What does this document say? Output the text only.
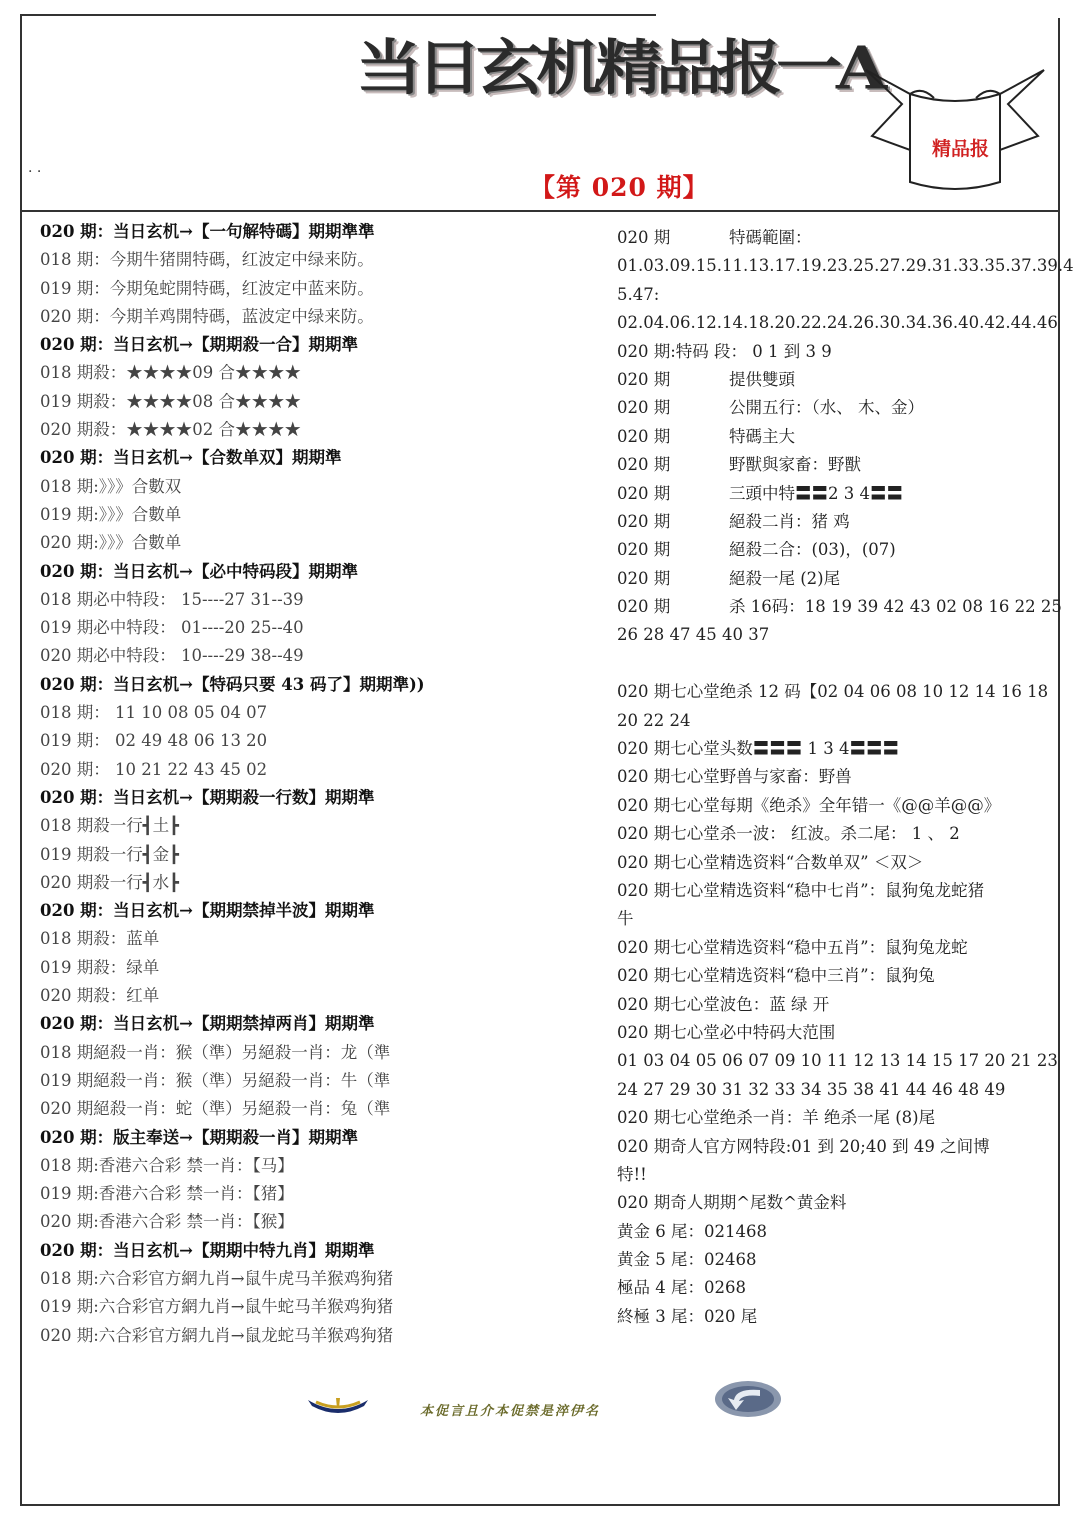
当日玄机精品报一A
. .
精品报
【第 020 期】
020 期：当日玄机→【一句解特碼】期期準準
018 期：今期牛猪開特碼，红波定中绿来防。
019 期：今期兔蛇開特碼，红波定中蓝来防。
020 期：今期羊鸡開特碼，蓝波定中绿来防。
020 期：当日玄机→【期期殺一合】期期準
018 期殺：★★★★09 合★★★★
019 期殺：★★★★08 合★★★★
020 期殺：★★★★02 合★★★★
020 期：当日玄机→【合数单双】期期準
018 期:》》》合數双
019 期:》》》合數单
020 期:》》》合數单
020 期：当日玄机→【必中特码段】期期準
018 期必中特段： 15----27 31--39
019 期必中特段： 01----20 25--40
020 期必中特段： 10----29 38--49
020 期：当日玄机→【特码只要 43 码了】期期準))
018 期： 11 10 08 05 04 07
019 期： 02 49 48 06 13 20
020 期： 10 21 22 43 45 02
020 期：当日玄机→【期期殺一行数】期期準
018 期殺一行┫土┣
019 期殺一行┫金┣
020 期殺一行┫水┣
020 期：当日玄机→【期期禁掉半波】期期準
018 期殺：蓝单
019 期殺：绿单
020 期殺：红单
020 期：当日玄机→【期期禁掉两肖】期期準
018 期絕殺一肖：猴（準）另絕殺一肖：龙（準
019 期絕殺一肖：猴（準）另絕殺一肖：牛（準
020 期絕殺一肖：蛇（準）另絕殺一肖：兔（準
020 期：版主奉送→【期期殺一肖】期期準
018 期:香港六合彩 禁一肖：【马】
019 期:香港六合彩 禁一肖：【猪】
020 期:香港六合彩 禁一肖：【猴】
020 期：当日玄机→【期期中特九肖】期期準
018 期:六合彩官方網九肖→鼠牛虎马羊猴鸡狗猪
019 期:六合彩官方網九肖→鼠牛蛇马羊猴鸡狗猪
020 期:六合彩官方網九肖→鼠龙蛇马羊猴鸡狗猪
020 期	特碼範圍：
01.03.09.15.11.13.17.19.23.25.27.29.31.33.35.37.39.4
5.47:
02.04.06.12.14.18.20.22.24.26.30.34.36.40.42.44.46
020 期:特码 段： 0 1 到 3 9
020 期	提供雙頭
020 期	公開五行：（水、 木、金）
020 期	特碼主大
020 期	野獸與家畜：野獸
020 期	三頭中特〓〓2 3 4〓〓
020 期	絕殺二肖：猪 鸡
020 期	絕殺二合：(03)，(07)
020 期	絕殺一尾 (2)尾
020 期	杀 16码：18 19 39 42 43 02 08 16 22 25
26 28 47 45 40 37
020 期七心堂绝杀 12 码【02 04 06 08 10 12 14 16 18
20 22 24
020 期七心堂头数〓〓〓 1 3 4〓〓〓
020 期七心堂野兽与家畜：野兽
020 期七心堂每期《绝杀》全年错一《@@羊@@》
020 期七心堂杀一波： 红波。杀二尾： 1 、 2
020 期七心堂精选资料“合数单双” ＜双＞
020 期七心堂精选资料“稳中七肖”：鼠狗兔龙蛇猪
牛
020 期七心堂精选资料“稳中五肖”：鼠狗兔龙蛇
020 期七心堂精选资料“稳中三肖”：鼠狗兔
020 期七心堂波色：蓝 绿 开
020 期七心堂必中特码大范围
01 03 04 05 06 07 09 10 11 12 13 14 15 17 20 21 23
24 27 29 30 31 32 33 34 35 38 41 44 46 48 49
020 期七心堂绝杀一肖：羊 绝杀一尾 (8)尾
020 期奇人官方网特段:01 到 20;40 到 49 之间博
特!!
020 期奇人期期^尾数^黄金料
黄金 6 尾：021468
黄金 5 尾：02468
極品 4 尾：0268
終極 3 尾：020 尾
本促言且介本促禁是淬伊名
